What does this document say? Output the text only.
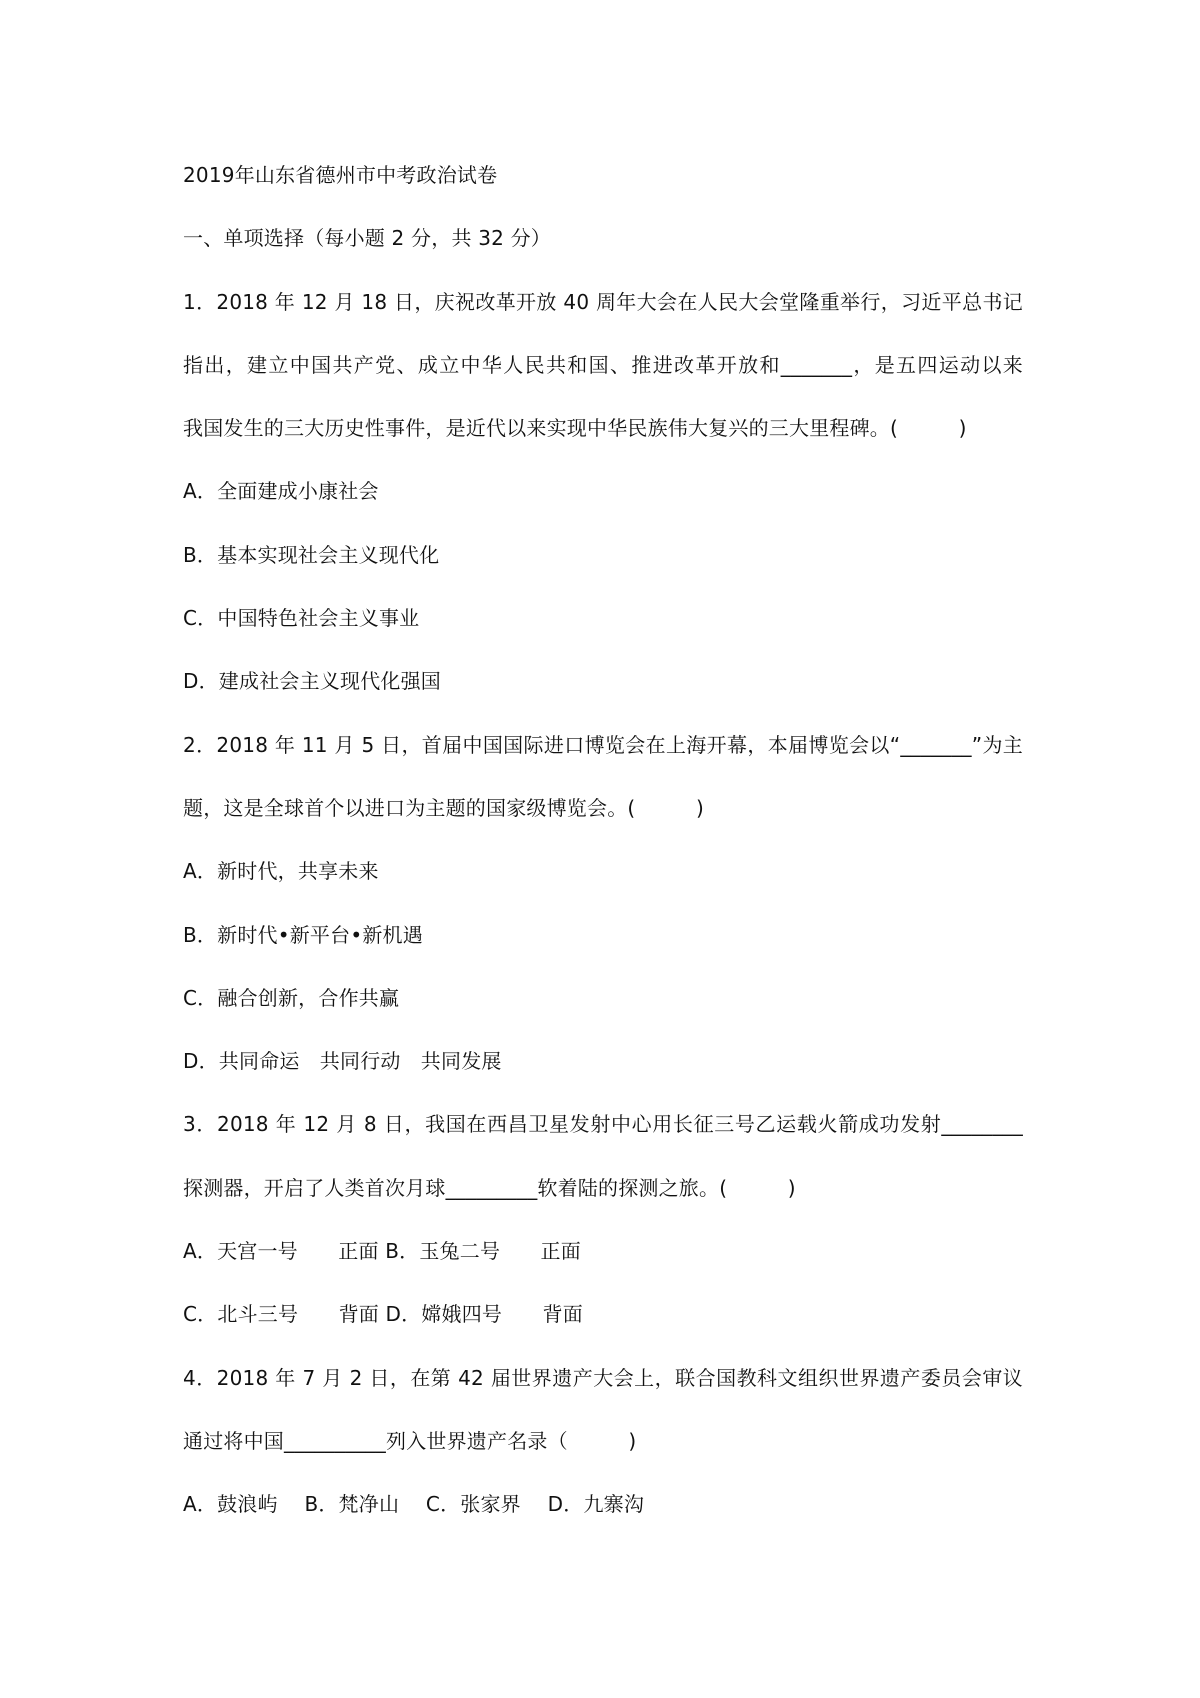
2019年山东省德州市中考政治试卷
一、单项选择（每小题 2 分，共 32 分）
1．2018 年 12 月 18 日，庆祝改革开放 40 周年大会在人民大会堂隆重举行，习近平总书记
指出，建立中国共产党、成立中华人民共和国、推进改革开放和_______，是五四运动以来
我国发生的三大历史性事件，是近代以来实现中华民族伟大复兴的三大里程碑。(　　　)
A．全面建成小康社会
B．基本实现社会主义现代化
C．中国特色社会主义事业
D．建成社会主义现代化强国
2．2018 年 11 月 5 日，首届中国国际进口博览会在上海开幕，本届博览会以“_______”为主
题，这是全球首个以进口为主题的国家级博览会。(　　　)
A．新时代，共享未来
B．新时代•新平台•新机遇
C．融合创新，合作共赢
D．共同命运　共同行动　共同发展
3．2018 年 12 月 8 日，我国在西昌卫星发射中心用长征三号乙运载火箭成功发射________
探测器，开启了人类首次月球_________软着陆的探测之旅。(　　　)
A．天宫一号　　正面 B．玉兔二号　　正面
C．北斗三号　　背面 D．嫦娥四号　　背面
4．2018 年 7 月 2 日，在第 42 届世界遗产大会上，联合国教科文组织世界遗产委员会审议
通过将中国__________列入世界遗产名录（　　　)
A．鼓浪屿　 B．梵净山　 C．张家界　 D．九寨沟
